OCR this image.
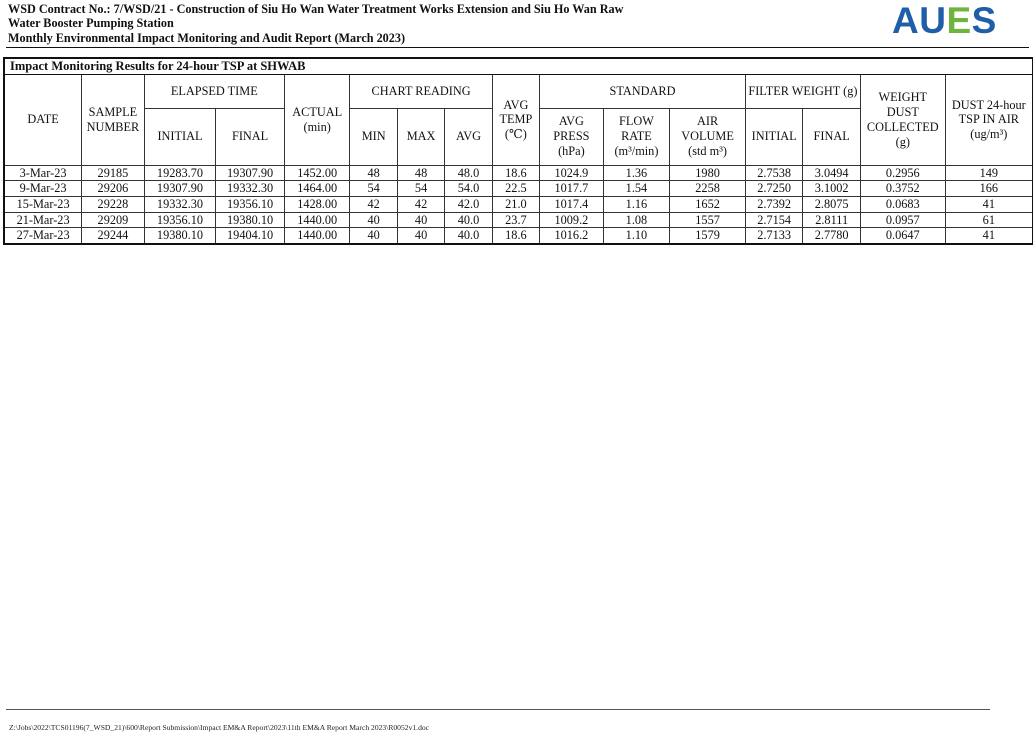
WSD Contract No.: 7/WSD/21 - Construction of Siu Ho Wan Water Treatment Works Extension and Siu Ho Wan Raw
Water Booster Pumping Station
Monthly Environmental Impact Monitoring and Audit Report (March 2023)	AUES
Impact Monitoring Results for 24-hour TSP at SHWAB
DATE	SAMPLE NUMBER	ELAPSED TIME		ACTUAL (min)	CHART READING			AVG TEMP (℃)	STANDARD			FILTER WEIGHT (g)		WEIGHT DUST COLLECTED (g)	DUST 24-hour TSP IN AIR (ug/m³)
		INITIAL	FINAL		MIN	MAX	AVG		AVG PRESS (hPa)	FLOW RATE (m³/min)	AIR VOLUME (std m³)	INITIAL	FINAL		
3-Mar-23	29185	19283.70	19307.90	1452.00	48	48	48.0	18.6	1024.9	1.36	1980	2.7538	3.0494	0.2956	149
9-Mar-23	29206	19307.90	19332.30	1464.00	54	54	54.0	22.5	1017.7	1.54	2258	2.7250	3.1002	0.3752	166
15-Mar-23	29228	19332.30	19356.10	1428.00	42	42	42.0	21.0	1017.4	1.16	1652	2.7392	2.8075	0.0683	41
21-Mar-23	29209	19356.10	19380.10	1440.00	40	40	40.0	23.7	1009.2	1.08	1557	2.7154	2.8111	0.0957	61
27-Mar-23	29244	19380.10	19404.10	1440.00	40	40	40.0	18.6	1016.2	1.10	1579	2.7133	2.7780	0.0647	41
Z:\Jobs\2022\TCS01196(7_WSD_21)\600\Report Submission\Impact EM&A Report\2023\11th EM&A Report March 2023\R0052v1.doc
